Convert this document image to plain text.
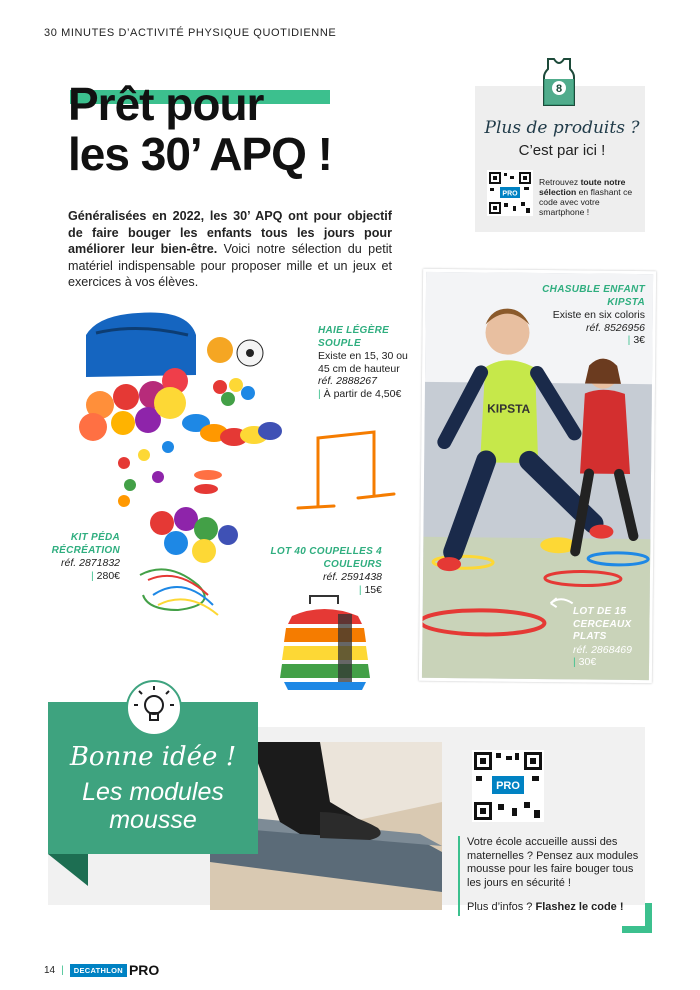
30 MINUTES D’ACTIVITÉ PHYSIQUE QUOTIDIENNE
Prêt pour
les 30’ APQ !
Généralisées en 2022, les 30’ APQ ont pour objectif de faire bouger les enfants tous les jours pour améliorer leur bien-être. Voici notre sélection du petit matériel indispensable pour proposer mille et un jeux et exercices à vos élèves.
8
Plus de produits ?
C’est par ici !
PRO
Retrouvez toute notre sélection en flashant ce code avec votre smartphone !
KIPSTA
HAIE LÉGÈRE SOUPLE
Existe en 15, 30 ou 45 cm de hauteur
réf. 2888267
| À partir de 4,50€
KIT PÉDA RÉCRÉATION
réf. 2871832
| 280€
LOT 40 COUPELLES 4 COULEURS
réf. 2591438
| 15€
CHASUBLE ENFANT KIPSTA
Existe en six coloris
réf. 8526956
| 3€
LOT DE 15 CERCEAUX PLATS
réf. 2868469
| 30€
Bonne idée !
Les modules mousse
PRO
Votre école accueille aussi des maternelles ? Pensez aux modules mousse pour les faire bouger tous les jours en sécurité !
Plus d’infos ? Flashez le code !
14 |	DECATHLON PRO
